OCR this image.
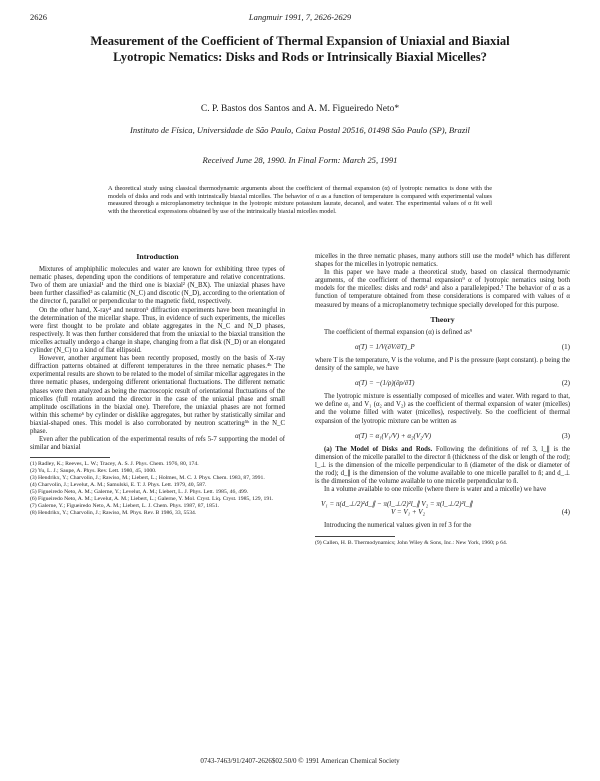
2626	Langmuir 1991, 7, 2626-2629
Measurement of the Coefficient of Thermal Expansion of Uniaxial and Biaxial Lyotropic Nematics: Disks and Rods or Intrinsically Biaxial Micelles?
C. P. Bastos dos Santos and A. M. Figueiredo Neto*
Instituto de Física, Universidade de São Paulo, Caixa Postal 20516, 01498 São Paulo (SP), Brazil
Received June 28, 1990. In Final Form: March 25, 1991
A theoretical study using classical thermodynamic arguments about the coefficient of thermal expansion (α) of lyotropic nematics is done with the models of disks and rods and with intrinsically biaxial micelles. The behavior of α as a function of temperature is compared with experimental values measured through a microplanometry technique in the lyotropic mixture potassium laurate, decanol, and water. The experimental values of α fit well with the theoretical expressions obtained by use of the intrinsically biaxial micelles model.
Introduction

Mixtures of amphiphilic molecules and water are known for exhibiting three types of nematic phases, depending upon the conditions of temperature and relative concentrations. Two of them are uniaxial¹ and the third one is biaxial² (N_BX). The uniaxial phases have been further classified³ as calamitic (N_C) and discotic (N_D), according to the orientation of the director n̂, parallel or perpendicular to the magnetic field, respectively.

On the other hand, X-ray⁴ and neutron⁵ diffraction experiments have been meaningful in the determination of the micellar shape. Thus, in evidence of such experiments, the micelles were first thought to be prolate and oblate aggregates in the N_C and N_D phases, respectively. It was then further considered that from the uniaxial to the biaxial transition the micelles actually undergo a change in shape, changing from a flat disk (N_D) or an elongated cylinder (N_C) to a kind of flat ellipsoid.

However, another argument has been recently proposed, mostly on the basis of X-ray diffraction patterns obtained at different temperatures in the three nematic phases.⁴ᵇ The experimental results are shown to be related to the model of similar micellar aggregates in the three nematic phases, undergoing different orientational fluctuations. The different nematic phases were then analyzed as being the macroscopic result of orientational fluctuations of the micelles (full rotation around the director in the case of the uniaxial phase and small amplitude oscillations in the biaxial one). Therefore, the uniaxial phases are not formed within this scheme⁶ by cylinder or disklike aggregates, but rather by statistically similar and biaxial-shaped ones. This model is also corroborated by neutron scattering⁵ᵇ in the N_C phase.

Even after the publication of the experimental results of refs 5-7 supporting the model of similar and biaxial

(1) Radley, K.; Reeves, L. W.; Tracey, A. S. J. Phys. Chem. 1976, 80, 174.
(2) Yu, L. J.; Saupe, A. Phys. Rev. Lett. 1980, 45, 1000.
(3) Hendrikx, Y.; Charvolin, J.; Rawiso, M.; Liebert, L.; Holmes, M. C. J. Phys. Chem. 1983, 87, 3991.
(4) Charvolin, J.; Levelut, A. M.; Samulski, E. T. J. Phys. Lett. 1979, 40, 587.
(5) Figueiredo Neto, A. M.; Galerne, Y.; Levelut, A. M.; Liebert, L. J. Phys. Lett. 1985, 46, 499.
(6) Figueiredo Neto, A. M.; Levelut, A. M.; Liebert, L.; Galerne, Y. Mol. Cryst. Liq. Cryst. 1985, 129, 191.
(7) Galerne, Y.; Figueiredo Neto, A. M.; Liebert, L. J. Chem. Phys. 1987, 87, 1851.
(8) Hendrikx, Y.; Charvolin, J.; Rawiso, M. Phys. Rev. B 1986, 33, 5534.

micelles in the three nematic phases, many authors still use the model⁸ which has different shapes for the micelles in lyotropic nematics.

In this paper we have made a theoretical study, based on classical thermodynamic arguments, of the coefficient of thermal expansion⁹ α of lyotropic nematics using both models for the micelles: disks and rods³ and also a parallelepiped.⁷ The behavior of α as a function of temperature obtained from these considerations is compared with values of α measured by means of a microplanometry technique specially developed for this purpose.

Theory

The coefficient of thermal expansion (α) is defined as⁹

α(T) = 1/V(∂V/∂T)_P	(1)

where T is the temperature, V is the volume, and P is the pressure (kept constant). ρ being the density of the sample, we have

α(T) = −(1/ρ)(∂ρ/∂T)	(2)

The lyotropic mixture is essentially composed of micelles and water. With regard to that, we define α₁ and V₁ (α₂ and V₂) as the coefficient of thermal expansion of water (micelles) and the volume filled with water (micelles), respectively. So the coefficient of thermal expansion of the lyotropic mixture can be written as

α(T) = α₁(V₁/V) + α₂(V₂/V)	(3)

(a) The Model of Disks and Rods. Following the definitions of ref 3, l_∥ is the dimension of the micelle parallel to the director n̂ (thickness of the disk or length of the rod); l_⊥ is the dimension of the micelle perpendicular to n̂ (diameter of the disk or diameter of the rod); d_∥ is the dimension of the volume available to one micelle parallel to n̂; and d_⊥ is the dimension of the volume available to one micelle perpendicular to n̂.

In a volume available to one micelle (where there is water and a micelle) we have

V₁ = π(d_⊥/2)²d_∥ − π(l_⊥/2)²l_∥ V₂ = π(l_⊥/2)²l_∥
V = V₁ + V₂	(4)

Introducing the numerical values given in ref 3 for the

(9) Callen, H. B. Thermodynamics; John Wiley & Sons, Inc.: New York, 1960; p 64.
0743-7463/91/2407-2626$02.50/0 © 1991 American Chemical Society
